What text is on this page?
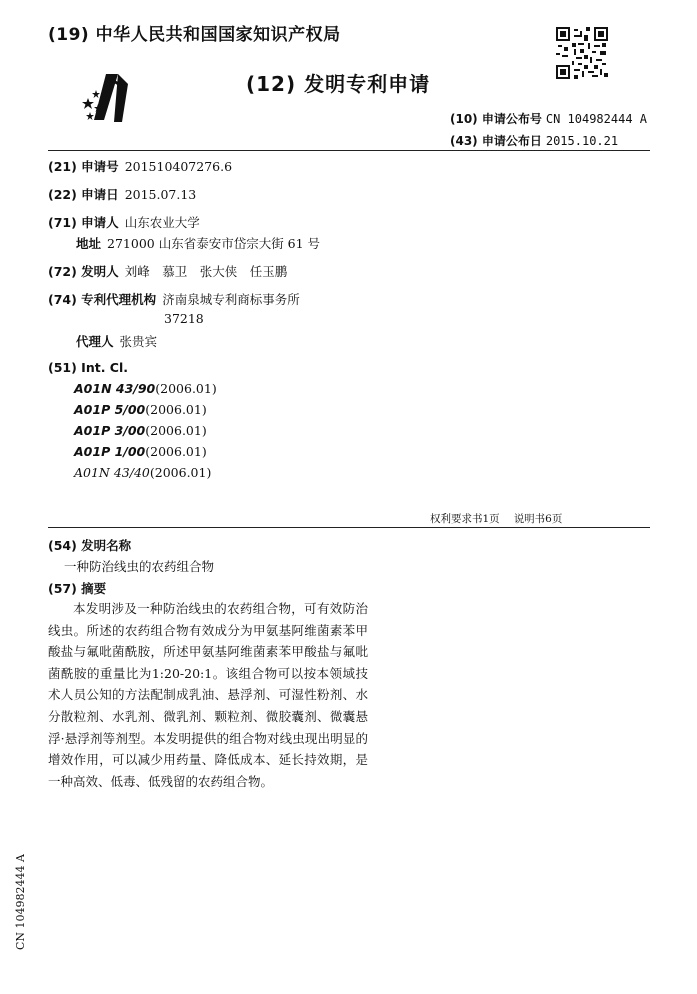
(19) 中华人民共和国国家知识产权局
(12) 发明专利申请
(10) 申请公布号 CN 104982444 A
(43) 申请公布日 2015.10.21
(21) 申请号 201510407276.6
(22) 申请日 2015.07.13
(71) 申请人 山东农业大学
地址 271000 山东省泰安市岱宗大街 61 号
(72) 发明人 刘峰　慕卫　张大侠　任玉鹏
(74) 专利代理机构 济南泉城专利商标事务所
37218
代理人 张贵宾
(51) Int. Cl.
A01N 43/90(2006.01)
A01P 5/00(2006.01)
A01P 3/00(2006.01)
A01P 1/00(2006.01)
A01N 43/40(2006.01)
权利要求书1页 说明书6页
(54) 发明名称
一种防治线虫的农药组合物
(57) 摘要
本发明涉及一种防治线虫的农药组合物，可有效防治线虫。所述的农药组合物有效成分为甲氨基阿维菌素苯甲酸盐与氟吡菌酰胺，所述甲氨基阿维菌素苯甲酸盐与氟吡菌酰胺的重量比为1:20-20:1。该组合物可以按本领域技术人员公知的方法配制成乳油、悬浮剂、可湿性粉剂、水分散粒剂、水乳剂、微乳剂、颗粒剂、微胶囊剂、微囊悬浮·悬浮剂等剂型。本发明提供的组合物对线虫现出明显的增效作用，可以减少用药量、降低成本、延长持效期，是一种高效、低毒、低残留的农药组合物。
CN 104982444 A
